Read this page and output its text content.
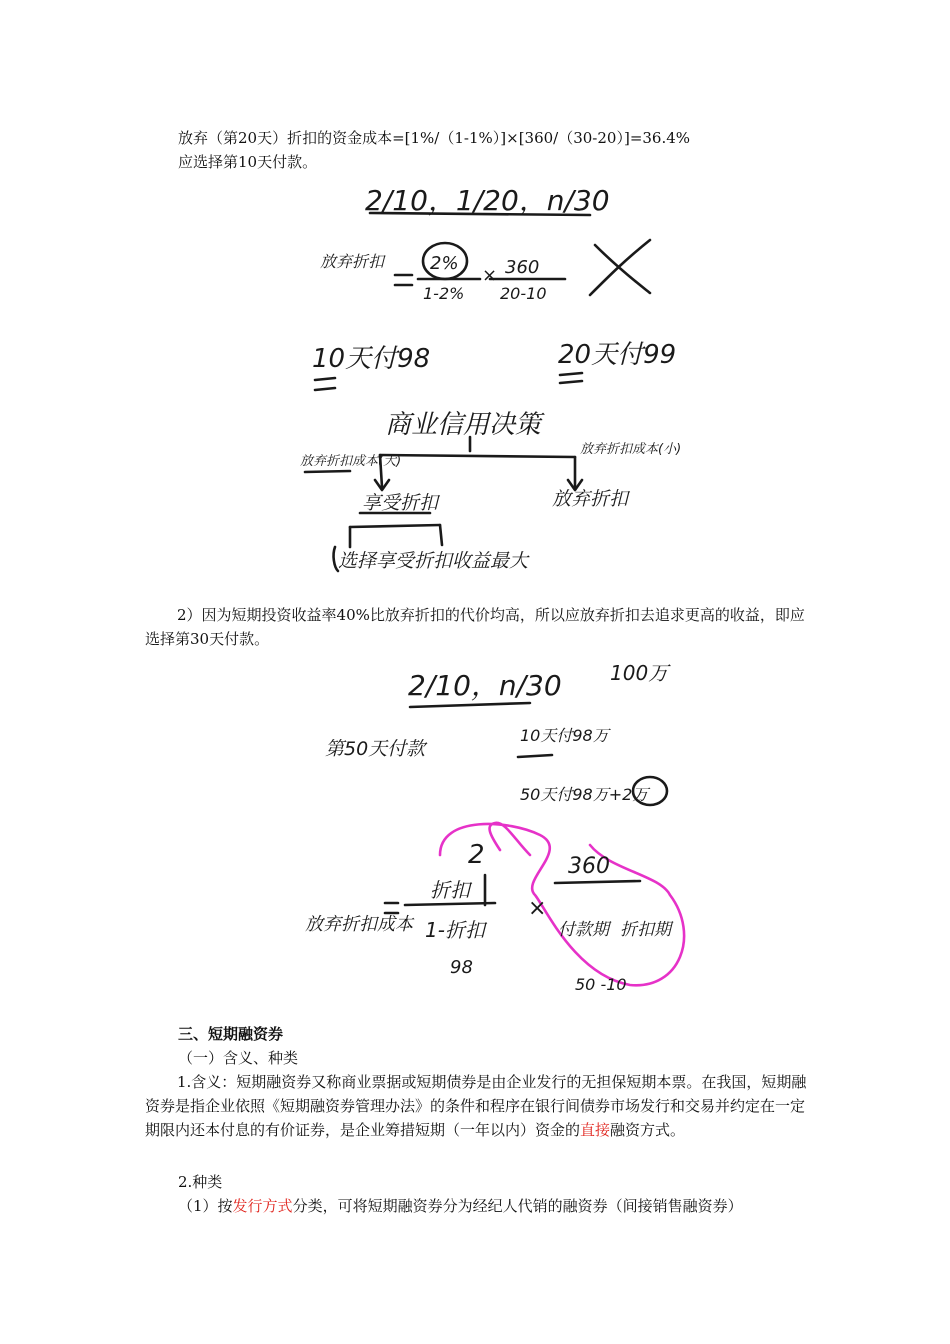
放弃（第20天）折扣的资金成本=[1%/（1-1%）]×[360/（30-20）]=36.4%
应选择第10天付款。
2/10，1/20，n/30
放弃折扣	2%
1-2%
× 360
20-10
10天付98	20天付99
商业信用决策
放弃折扣成本(大)
放弃折扣成本(小)
享受折扣	放弃折扣
选择享受折扣收益最大
2）因为短期投资收益率40%比放弃折扣的代价均高，所以应放弃折扣去追求更高的收益，即应选择第30天付款。
2/10，n/30 100万
第50天付款
10天付98万
50天付98万+2万
2
放弃折扣成本
折扣
1-折扣
98
×
360
付款期 折扣期
50 -10
三、短期融资券
（一）含义、种类
1.含义：短期融资券又称商业票据或短期债券是由企业发行的无担保短期本票。在我国，短期融资券是指企业依照《短期融资券管理办法》的条件和程序在银行间债券市场发行和交易并约定在一定期限内还本付息的有价证券，是企业筹措短期（一年以内）资金的直接融资方式。
2.种类
（1）按发行方式分类，可将短期融资券分为经纪人代销的融资券（间接销售融资券）
